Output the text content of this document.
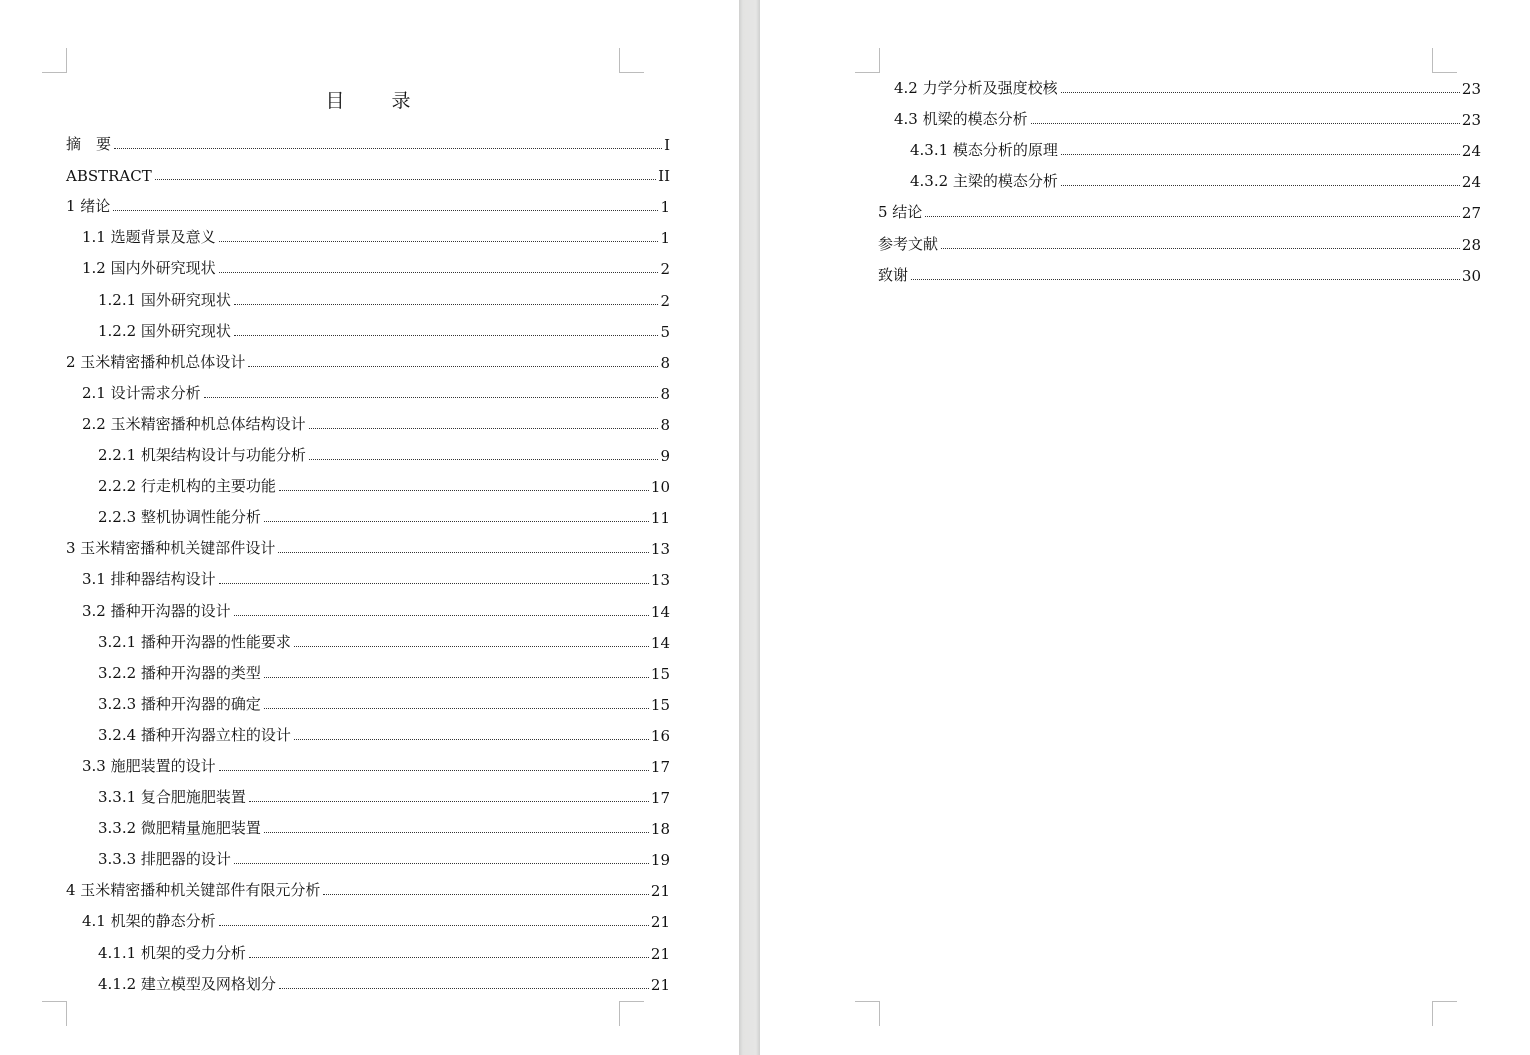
目　录
摘　要	I
ABSTRACT	II
1 绪论	1
1.1 选题背景及意义	1
1.2 国内外研究现状	2
1.2.1 国外研究现状	2
1.2.2 国外研究现状	5
2 玉米精密播种机总体设计	8
2.1 设计需求分析	8
2.2 玉米精密播种机总体结构设计	8
2.2.1 机架结构设计与功能分析	9
2.2.2 行走机构的主要功能	10
2.2.3 整机协调性能分析	11
3 玉米精密播种机关键部件设计	13
3.1 排种器结构设计	13
3.2 播种开沟器的设计	14
3.2.1 播种开沟器的性能要求	14
3.2.2 播种开沟器的类型	15
3.2.3 播种开沟器的确定	15
3.2.4 播种开沟器立柱的设计	16
3.3 施肥装置的设计	17
3.3.1 复合肥施肥装置	17
3.3.2 微肥精量施肥装置	18
3.3.3 排肥器的设计	19
4 玉米精密播种机关键部件有限元分析	21
4.1 机架的静态分析	21
4.1.1 机架的受力分析	21
4.1.2 建立模型及网格划分	21
4.2 力学分析及强度校核	23
4.3 机梁的模态分析	23
4.3.1 模态分析的原理	24
4.3.2 主梁的模态分析	24
5 结论	27
参考文献	28
致谢	30
